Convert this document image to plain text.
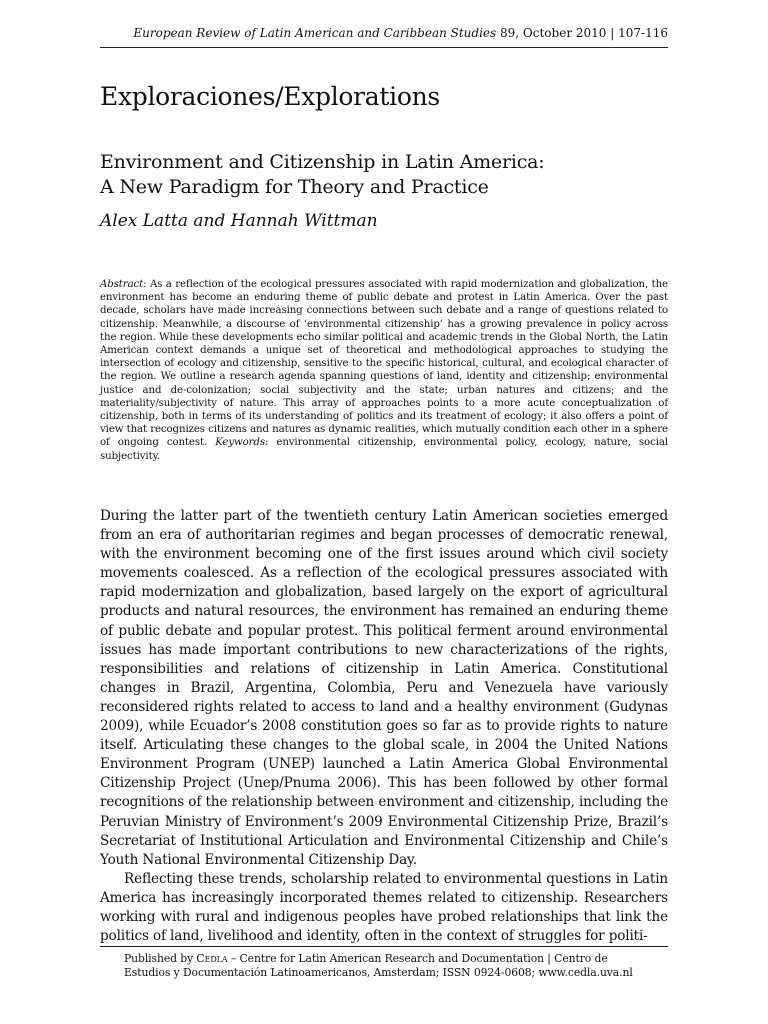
European Review of Latin American and Caribbean Studies 89, October 2010 | 107-116
Exploraciones/Explorations
Environment and Citizenship in Latin America:
A New Paradigm for Theory and Practice
Alex Latta and Hannah Wittman
Abstract: As a reflection of the ecological pressures associated with rapid modernization and globalization, the environment has become an enduring theme of public debate and protest in Latin America. Over the past decade, scholars have made increasing connections between such debate and a range of questions related to citizenship. Meanwhile, a discourse of ‘environmental citizenship’ has a growing prevalence in policy across the region. While these developments echo similar political and academic trends in the Global North, the Latin American context demands a unique set of theoretical and methodological approaches to studying the intersection of ecology and citizenship, sensitive to the specific historical, cultural, and ecological character of the region. We outline a research agenda spanning questions of land, identity and citizenship; environmental justice and de-colonization; social subjectivity and the state; urban natures and citizens; and the materiality/subjectivity of nature. This array of approaches points to a more acute conceptualization of citizenship, both in terms of its understanding of politics and its treatment of ecology; it also offers a point of view that recognizes citizens and natures as dynamic realities, which mutually condition each other in a sphere of ongoing contest. Keywords: environmental citizenship, environmental policy, ecology, nature, social subjectivity.

During the latter part of the twentieth century Latin American societies emerged from an era of authoritarian regimes and began processes of democratic renewal, with the environment becoming one of the first issues around which civil society movements coalesced. As a reflection of the ecological pressures associated with rapid modernization and globalization, based largely on the export of agricultural products and natural resources, the environment has remained an enduring theme of public debate and popular protest. This political ferment around environmental issues has made important contributions to new characterizations of the rights, responsibilities and relations of citizenship in Latin America. Constitutional changes in Brazil, Argentina, Colombia, Peru and Venezuela have variously reconsidered rights related to access to land and a healthy environment (Gudynas 2009), while Ecuador’s 2008 constitution goes so far as to provide rights to nature itself. Articulating these changes to the global scale, in 2004 the United Nations Environment Program (UNEP) launched a Latin America Global Environmental Citizenship Project (Unep/Pnuma 2006). This has been followed by other formal recognitions of the relationship between environment and citizenship, including the Peruvian Ministry of Environment’s 2009 Environmental Citizenship Prize, Brazil’s Secretariat of Institutional Articulation and Environmental Citizenship and Chile’s Youth National Environmental Citizenship Day.

Reflecting these trends, scholarship related to environmental questions in Latin America has increasingly incorporated themes related to citizenship. Researchers working with rural and indigenous peoples have probed relationships that link the politics of land, livelihood and identity, often in the context of struggles for politi-

Published by Cedla – Centre for Latin American Research and Documentation | Centro de
Estudios y Documentación Latinoamericanos, Amsterdam; ISSN 0924-0608; www.cedla.uva.nl
